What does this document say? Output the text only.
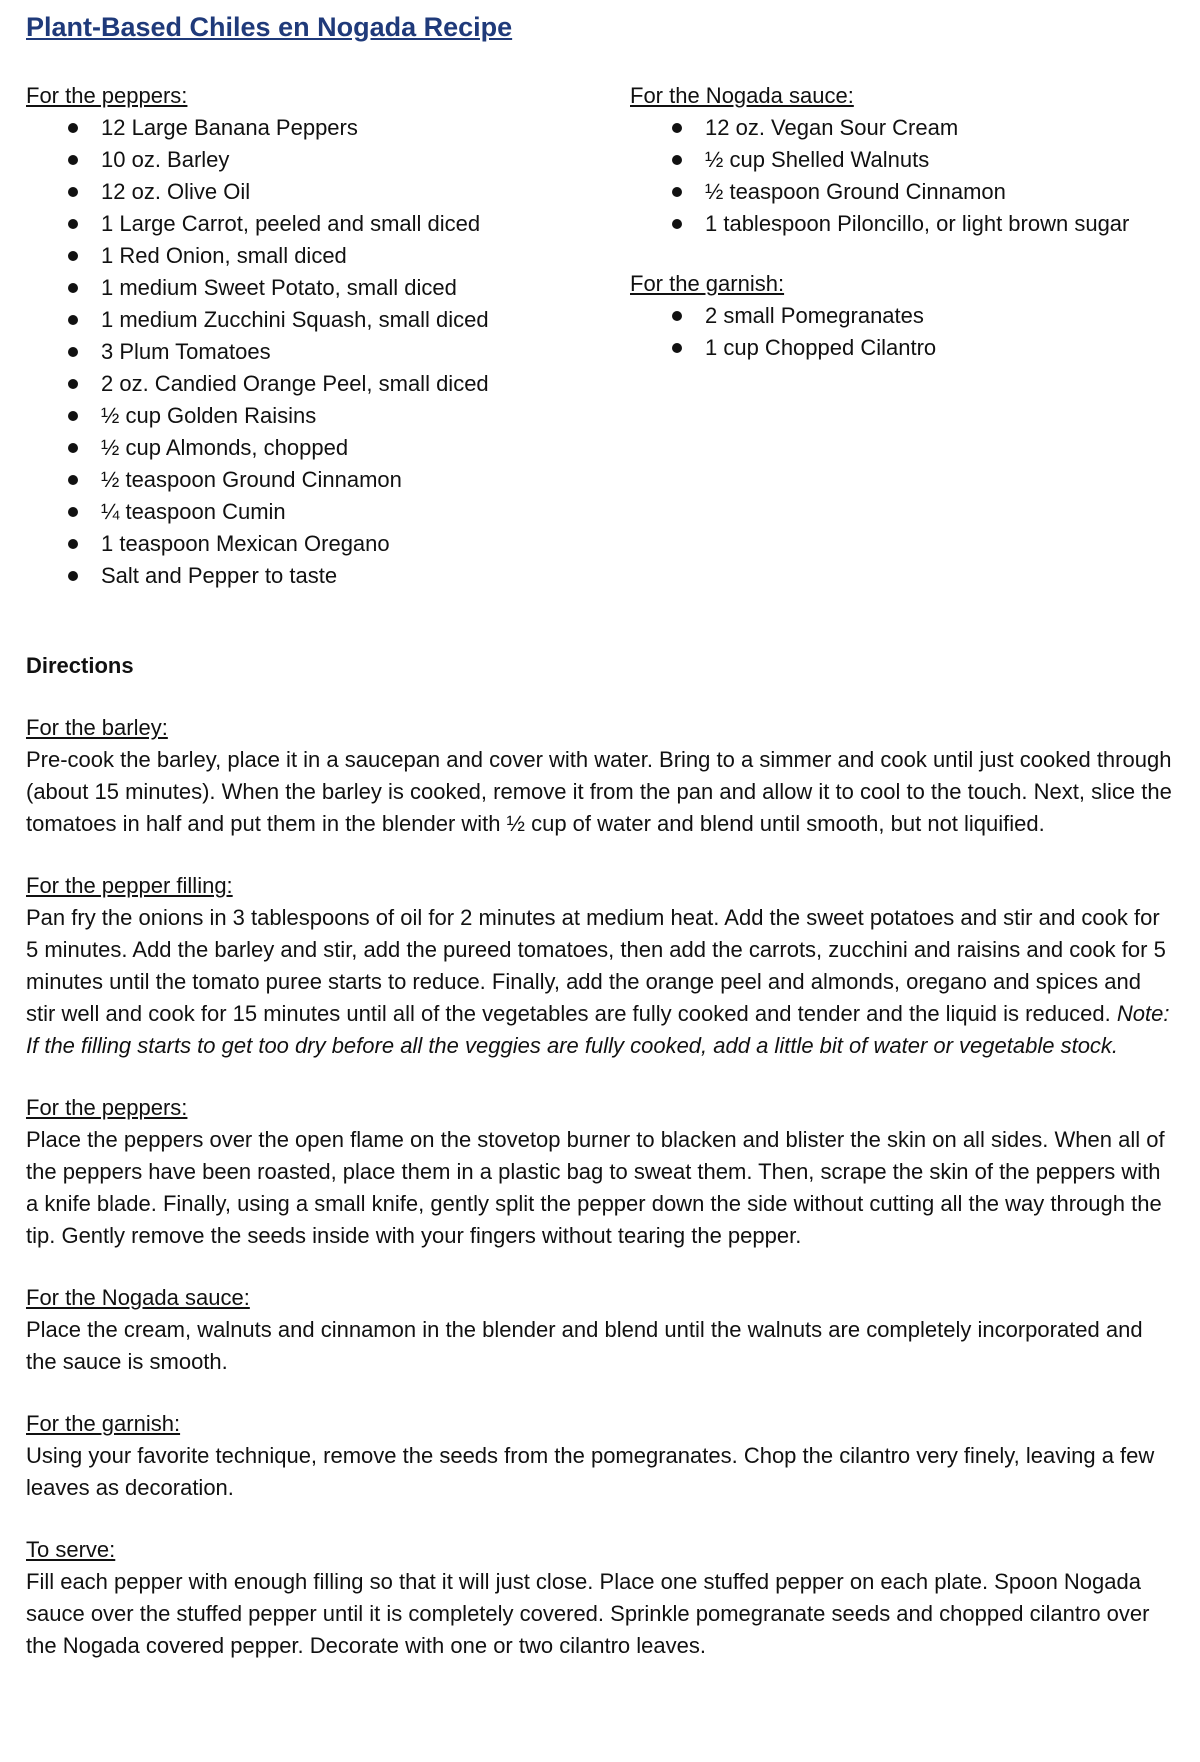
Plant-Based Chiles en Nogada Recipe
For the peppers:
12 Large Banana Peppers
10 oz. Barley
12 oz. Olive Oil
1 Large Carrot, peeled and small diced
1 Red Onion, small diced
1 medium Sweet Potato, small diced
1 medium Zucchini Squash, small diced
3 Plum Tomatoes
2 oz. Candied Orange Peel, small diced
½ cup Golden Raisins
½ cup Almonds, chopped
½ teaspoon Ground Cinnamon
¼ teaspoon Cumin
1 teaspoon Mexican Oregano
Salt and Pepper to taste
For the Nogada sauce:
12 oz. Vegan Sour Cream
½ cup Shelled Walnuts
½ teaspoon Ground Cinnamon
1 tablespoon Piloncillo, or light brown sugar
For the garnish:
2 small Pomegranates
1 cup Chopped Cilantro
Directions
For the barley:

Pre-cook the barley, place it in a saucepan and cover with water. Bring to a simmer and cook until just cooked through (about 15 minutes). When the barley is cooked, remove it from the pan and allow it to cool to the touch. Next, slice the tomatoes in half and put them in the blender with ½ cup of water and blend until smooth, but not liquified.

For the pepper filling:

Pan fry the onions in 3 tablespoons of oil for 2 minutes at medium heat. Add the sweet potatoes and stir and cook for 5 minutes. Add the barley and stir, add the pureed tomatoes, then add the carrots, zucchini and raisins and cook for 5 minutes until the tomato puree starts to reduce. Finally, add the orange peel and almonds, oregano and spices and stir well and cook for 15 minutes until all of the vegetables are fully cooked and tender and the liquid is reduced. Note: If the filling starts to get too dry before all the veggies are fully cooked, add a little bit of water or vegetable stock.

For the peppers:

Place the peppers over the open flame on the stovetop burner to blacken and blister the skin on all sides. When all of the peppers have been roasted, place them in a plastic bag to sweat them. Then, scrape the skin of the peppers with a knife blade. Finally, using a small knife, gently split the pepper down the side without cutting all the way through the tip. Gently remove the seeds inside with your fingers without tearing the pepper.

For the Nogada sauce:

Place the cream, walnuts and cinnamon in the blender and blend until the walnuts are completely incorporated and the sauce is smooth.

For the garnish:

Using your favorite technique, remove the seeds from the pomegranates. Chop the cilantro very finely, leaving a few leaves as decoration.

To serve:

Fill each pepper with enough filling so that it will just close. Place one stuffed pepper on each plate. Spoon Nogada sauce over the stuffed pepper until it is completely covered. Sprinkle pomegranate seeds and chopped cilantro over the Nogada covered pepper. Decorate with one or two cilantro leaves.
